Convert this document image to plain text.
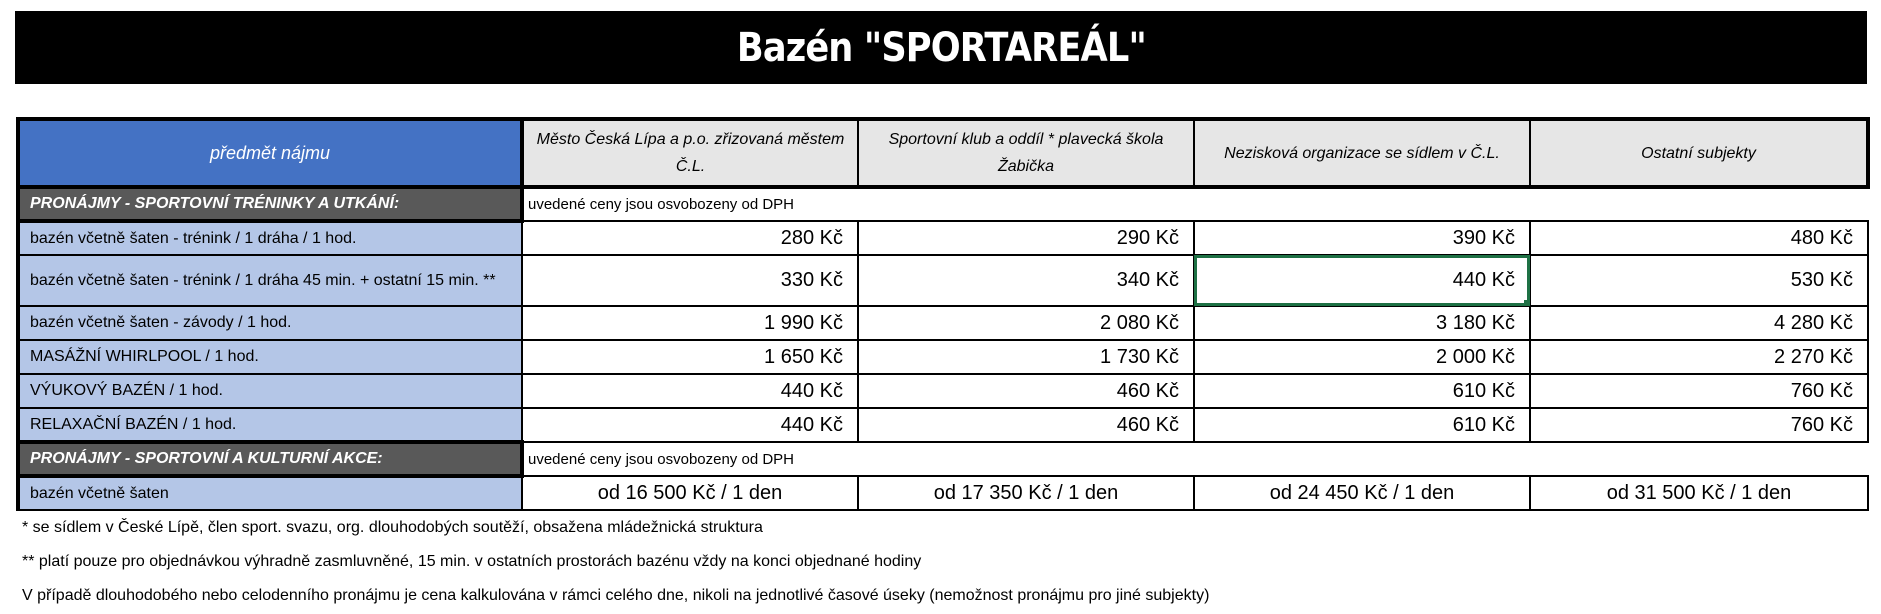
Bazén "SPORTAREÁL"
předmět nájmu	Město Česká Lípa a p.o. zřizovaná městem Č.L.	Sportovní klub a oddíl * plavecká škola Žabička	Nezisková organizace se sídlem v Č.L.	Ostatní subjekty
PRONÁJMY - SPORTOVNÍ TRÉNINKY A UTKÁNÍ:	uvedené ceny jsou osvobozeny od DPH			
bazén včetně šaten - trénink / 1 dráha / 1 hod.	280 Kč	290 Kč	390 Kč	480 Kč
bazén včetně šaten - trénink / 1 dráha 45 min. + ostatní 15 min. **	330 Kč	340 Kč	440 Kč	530 Kč
bazén včetně šaten - závody / 1 hod.	1 990 Kč	2 080 Kč	3 180 Kč	4 280 Kč
MASÁŽNÍ WHIRLPOOL / 1 hod.	1 650 Kč	1 730 Kč	2 000 Kč	2 270 Kč
VÝUKOVÝ BAZÉN / 1 hod.	440 Kč	460 Kč	610 Kč	760 Kč
RELAXAČNÍ BAZÉN / 1 hod.	440 Kč	460 Kč	610 Kč	760 Kč
PRONÁJMY - SPORTOVNÍ A KULTURNÍ AKCE:	uvedené ceny jsou osvobozeny od DPH			
bazén včetně šaten	od 16 500 Kč / 1 den	od 17 350 Kč / 1 den	od 24 450 Kč / 1 den	od 31 500 Kč / 1 den
* se sídlem v České Lípě, člen sport. svazu, org. dlouhodobých soutěží, obsažena mládežnická struktura
** platí pouze pro objednávkou výhradně zasmluvněné, 15 min. v ostatních prostorách bazénu vždy na konci objednané hodiny
V případě dlouhodobého nebo celodenního pronájmu je cena kalkulována v rámci celého dne, nikoli na jednotlivé časové úseky (nemožnost pronájmu pro jiné subjekty)
